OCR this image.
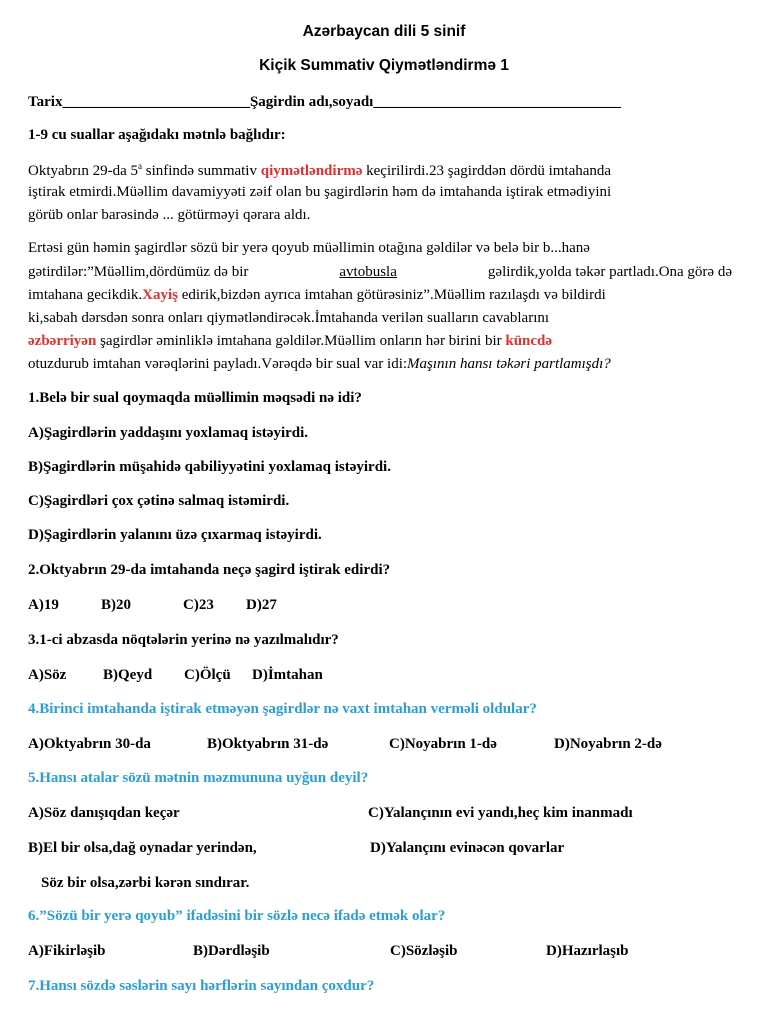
Azərbaycan dili 5 sinif
Kiçik Summativ Qiymətləndirmə 1
Tarix_________________________Şagirdin adı,soyadı_________________________________
1-9 cu suallar aşağıdakı mətnlə bağlıdır:
Oktyabrın 29-da 5$^a$ sinfində summativ qiymətləndirmə keçirilirdi.23 şagirddən dördü imtahanda
iştirak etmirdi.Müəllim davamiyyəti zəif olan bu şagirdlərin həm də imtahanda iştirak etmədiyini
görüb onlar barəsində ... götürməyi qərara aldı.
Ertəsi gün həmin şagirdlər sözü bir yerə qoyub müəllimin otağına gəldilər və belə bir b...hanə
gətirdilər:”Müəllim,dördümüz də bir	avtobusla	gəlirdik,yolda təkər partladı.Ona görə də
imtahana gecikdik.Xayiş edirik,bizdən ayrıca imtahan götürəsiniz”.Müəllim razılaşdı və bildirdi
ki,sabah dərsdən sonra onları qiymətləndirəcək.İmtahanda verilən sualların cavablarını
əzbərriyən şagirdlər əminliklə imtahana gəldilər.Müəllim onların hər birini bir küncdə
otuzdurub imtahan vərəqlərini payladı.Vərəqdə bir sual var idi:Maşının hansı təkəri partlamışdı?
1.Belə bir sual qoymaqda müəllimin məqsədi nə idi?
A)Şagirdlərin yaddaşını yoxlamaq istəyirdi.
B)Şagirdlərin müşahidə qabiliyyətini yoxlamaq istəyirdi.
C)Şagirdləri çox çətinə salmaq istəmirdi.
D)Şagirdlərin yalanını üzə çıxarmaq istəyirdi.
2.Oktyabrın 29-da imtahanda neçə şagird iştirak edirdi?
A)19	B)20	C)23 D)27
3.1-ci abzasda nöqtələrin yerinə nə yazılmalıdır?
A)Söz B)Qeyd C)Ölçü D)İmtahan
4.Birinci imtahanda iştirak etməyən şagirdlər nə vaxt imtahan verməli oldular?
A)Oktyabrın 30-da	B)Oktyabrın 31-də	C)Noyabrın 1-də	D)Noyabrın 2-də
5.Hansı atalar sözü mətnin məzmununa uyğun deyil?
A)Söz danışıqdan keçər	C)Yalançının evi yandı,heç kim inanmadı
B)El bir olsa,dağ oynadar yerindən,	D)Yalançını evinəcən qovarlar
Söz bir olsa,zərbi kərən sındırar.
6.”Sözü bir yerə qoyub” ifadəsini bir sözlə necə ifadə etmək olar?
A)Fikirləşib	B)Dərdləşib	C)Sözləşib	D)Hazırlaşıb
7.Hansı sözdə səslərin sayı hərflərin sayından çoxdur?
